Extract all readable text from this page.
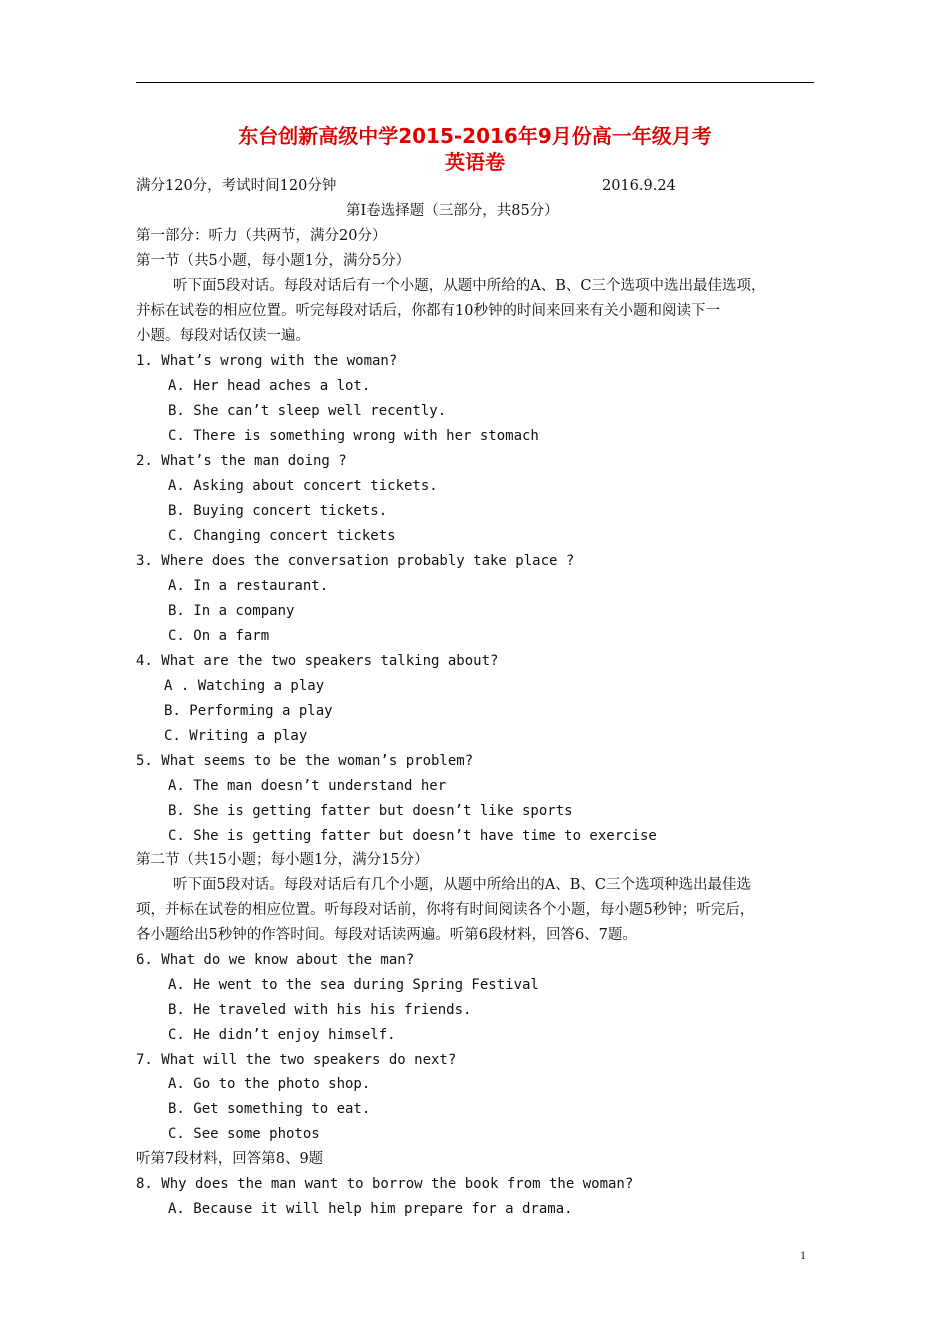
东台创新高级中学2015-2016年9月份高一年级月考
英语卷
满分120分，考试时间120分钟	2016.9.24
第Ⅰ卷选择题（三部分，共85分）
第一部分：听力（共两节，满分20分）
第一节（共5小题，每小题1分，满分5分）
听下面5段对话。每段对话后有一个小题，从题中所给的A、B、C三个选项中选出最佳选项，
并标在试卷的相应位置。听完每段对话后，你都有10秒钟的时间来回来有关小题和阅读下一
小题。每段对话仅读一遍。
1. What’s wrong with the woman?
A. Her head aches a lot.
B. She can’t sleep well recently.
C. There is something wrong with her stomach
2. What’s the man doing ?
A. Asking about concert tickets.
B. Buying concert tickets.
C. Changing concert tickets
3. Where does the conversation probably take place ?
A. In a restaurant.
B. In a company
C. On a farm
4. What are the two speakers talking about?
A . Watching a play
B. Performing a play
C. Writing a play
5. What seems to be the woman’s problem?
A. The man doesn’t understand her
B. She is getting fatter but doesn’t like sports
C. She is getting fatter but doesn’t have time to exercise
第二节（共15小题；每小题1分，满分15分）
听下面5段对话。每段对话后有几个小题，从题中所给出的A、B、C三个选项种选出最佳选
项，并标在试卷的相应位置。听每段对话前，你将有时间阅读各个小题，每小题5秒钟；听完后，
各小题给出5秒钟的作答时间。每段对话读两遍。听第6段材料，回答6、7题。
6. What do we know about the man?
A. He went to the sea during Spring Festival
B. He traveled with his his friends.
C. He didn’t enjoy himself.
7. What will the two speakers do next?
A. Go to the photo shop.
B. Get something to eat.
C. See some photos
听第7段材料，回答第8、9题
8. Why does the man want to borrow the book from the woman?
A. Because it will help him prepare for a drama.
1
